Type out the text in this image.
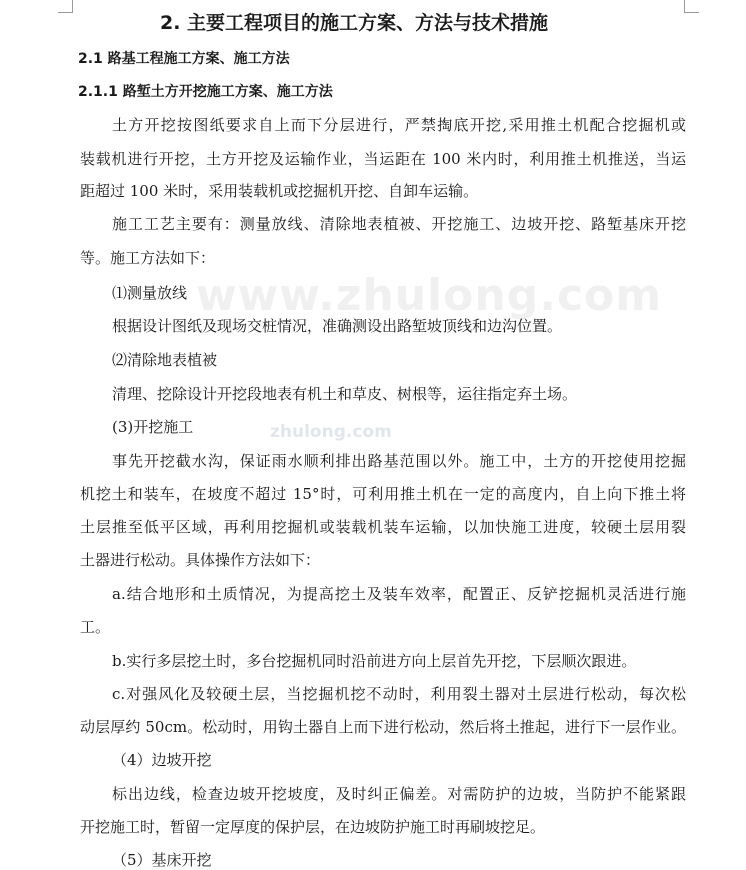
www.zhulong.com
zhulong.com
2. 主要工程项目的施工方案、方法与技术措施
2.1 路基工程施工方案、施工方法
2.1.1 路堑土方开挖施工方案、施工方法
土方开挖按图纸要求自上而下分层进行，严禁掏底开挖,采用推土机配合挖掘机或
装载机进行开挖，土方开挖及运输作业，当运距在 100 米内时，利用推土机推送，当运
距超过 100 米时，采用装载机或挖掘机开挖、自卸车运输。
施工工艺主要有：测量放线、清除地表植被、开挖施工、边坡开挖、路堑基床开挖
等。施工方法如下：
⑴测量放线
根据设计图纸及现场交桩情况，准确测设出路堑坡顶线和边沟位置。
⑵清除地表植被
清理、挖除设计开挖段地表有机土和草皮、树根等，运往指定弃土场。
(3)开挖施工
事先开挖截水沟，保证雨水顺利排出路基范围以外。施工中，土方的开挖使用挖掘
机挖土和装车，在坡度不超过 15°时，可利用推土机在一定的高度内，自上向下推土将
土层推至低平区域，再利用挖掘机或装载机装车运输，以加快施工进度，较硬土层用裂
土器进行松动。具体操作方法如下：
a.结合地形和土质情况，为提高挖土及装车效率，配置正、反铲挖掘机灵活进行施
工。
b.实行多层挖土时，多台挖掘机同时沿前进方向上层首先开挖，下层顺次跟进。
c.对强风化及较硬土层，当挖掘机挖不动时，利用裂土器对土层进行松动，每次松
动层厚约 50cm。松动时，用钩土器自上而下进行松动，然后将土推起，进行下一层作业。
（4）边坡开挖
标出边线，检查边坡开挖坡度，及时纠正偏差。对需防护的边坡，当防护不能紧跟
开挖施工时，暂留一定厚度的保护层，在边坡防护施工时再刷坡挖足。
（5）基床开挖
